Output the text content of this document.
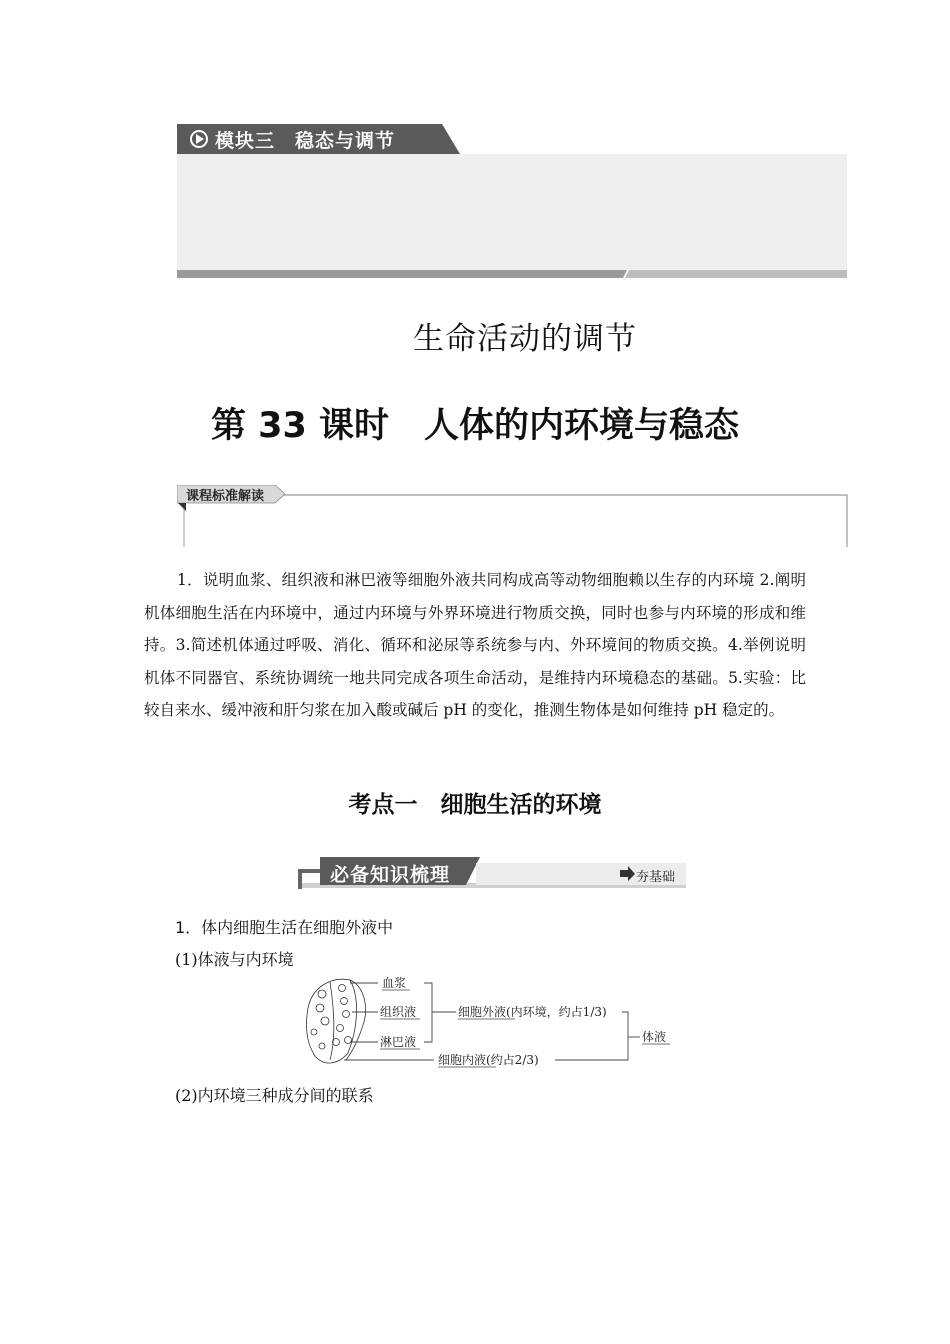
模块三　稳态与调节
生命活动的调节
第 33 课时　人体的内环境与稳态
课程标准解读

1．说明血浆、组织液和淋巴液等细胞外液共同构成高等动物细胞赖以生存的内环境 2.阐明机体细胞生活在内环境中，通过内环境与外界环境进行物质交换，同时也参与内环境的形成和维持。3.简述机体通过呼吸、消化、循环和泌尿等系统参与内、外环境间的物质交换。4.举例说明机体不同器官、系统协调统一地共同完成各项生命活动，是维持内环境稳态的基础。5.实验：比较自来水、缓冲液和肝匀浆在加入酸或碱后 pH 的变化，推测生物体是如何维持 pH 稳定的。

考点一　细胞生活的环境
必备知识梳理	夯基础
1．体内细胞生活在细胞外液中
(1)体液与内环境
血浆
组织液
淋巴液
细胞外液(内环境，约占1/3)
细胞内液(约占2/3)
体液
(2)内环境三种成分间的联系
